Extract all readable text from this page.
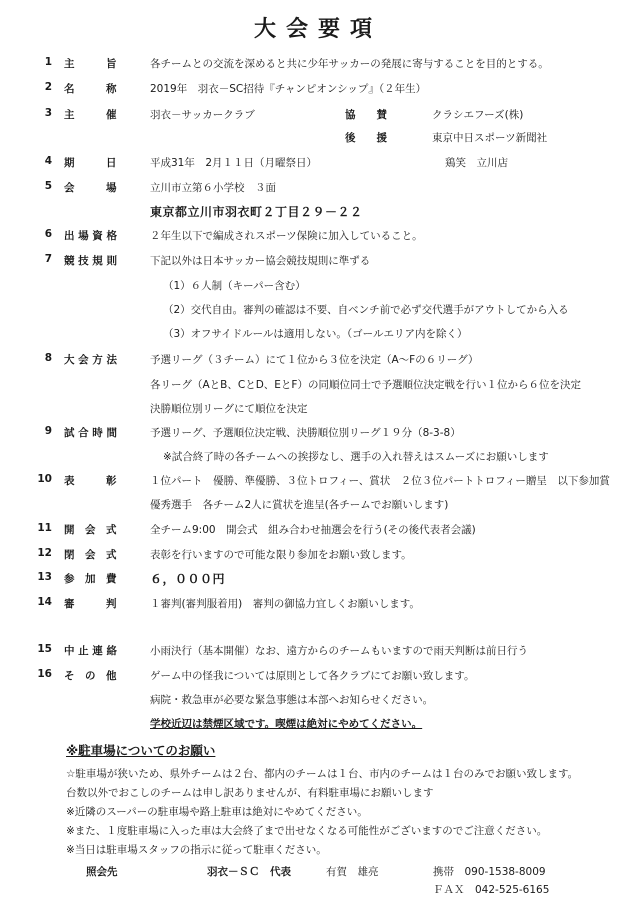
大会要項
1 主　　　旨	各チームとの交流を深めると共に少年サッカーの発展に寄与することを目的とする。
2 名　　　称	2019年　羽衣－SC招待『チャンピオンシップ』（２年生）
3 主　　　催	羽衣－サッカークラブ	協　　賛	クラシエフーズ(株)
後　　援	東京中日スポーツ新聞社
4 期　　　日	平成31年　2月１１日（月曜祭日）	鶏笑　立川店
5 会　　　場	立川市立第６小学校　３面
東京都立川市羽衣町２丁目２９－２２
6 出 場 資 格	２年生以下で編成されスポーツ保険に加入していること。
7 競 技 規 則	下記以外は日本サッカー協会競技規則に準ずる
（1）６人制（キーパー含む）
（2）交代自由。審判の確認は不要、自ベンチ前で必ず交代選手がアウトしてから入る
（3）オフサイドルールは適用しない。（ゴールエリア内を除く）
8 大 会 方 法	予選リーグ（３チーム）にて１位から３位を決定（A～Fの６リーグ）
各リーグ（AとB、CとD、EとF）の同順位同士で予選順位決定戦を行い１位から６位を決定
決勝順位別リーグにて順位を決定
9 試 合 時 間	予選リーグ、予選順位決定戦、決勝順位別リーグ１９分（8-3-8）
※試合終了時の各チームへの挨拶なし、選手の入れ替えはスムーズにお願いします
10 表　　　彰	１位パート　優勝、準優勝、３位トロフィー、賞状　２位３位パートトロフィー贈呈　以下参加賞
優秀選手　各チーム2人に賞状を進呈(各チームでお願いします)
11 開　会　式	全チーム9:00　開会式　組み合わせ抽選会を行う(その後代表者会議)
12 閉　会　式	表彰を行いますので可能な限り参加をお願い致します。
13 参　加　費	６，０００円
14 審　　　判	１審判(審判服着用)　審判の御協力宜しくお願いします。
15 中 止 連 絡	小雨決行（基本開催）なお、遠方からのチームもいますので雨天判断は前日行う
16 そ　の　他	ゲーム中の怪我については原則として各クラブにてお願い致します。
病院・救急車が必要な緊急事態は本部へお知らせください。
学校近辺は禁煙区域です。喫煙は絶対にやめてください。
※駐車場についてのお願い
☆駐車場が狭いため、県外チームは２台、都内のチームは１台、市内のチームは１台のみでお願い致します。
台数以外でおこしのチームは申し訳ありませんが、有料駐車場にお願いします
※近隣のスーパーの駐車場や路上駐車は絶対にやめてください。
※また、１度駐車場に入った車は大会終了まで出せなくなる可能性がございますのでご注意ください。
※当日は駐車場スタッフの指示に従って駐車ください。
照会先	羽衣－ＳＣ　代表	有賀　雄亮	携帯　090-1538-8009
ＦＡＸ　042-525-6165
